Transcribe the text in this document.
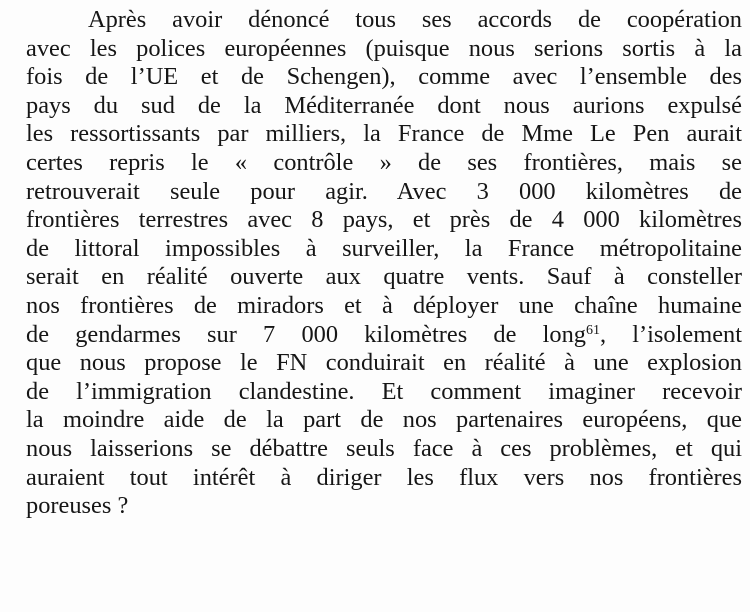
Après avoir dénoncé tous ses accords de coopération
avec les polices européennes (puisque nous serions sortis à la
fois de l’UE et de Schengen), comme avec l’ensemble des
pays du sud de la Méditerranée dont nous aurions expulsé
les ressortissants par milliers, la France de Mme Le Pen aurait
certes repris le « contrôle » de ses frontières, mais se
retrouverait seule pour agir. Avec 3 000 kilomètres de
frontières terrestres avec 8 pays, et près de 4 000 kilomètres
de littoral impossibles à surveiller, la France métropolitaine
serait en réalité ouverte aux quatre vents. Sauf à consteller
nos frontières de miradors et à déployer une chaîne humaine
de gendarmes sur 7 000 kilomètres de long$^{61}$, l’isolement
que nous propose le FN conduirait en réalité à une explosion
de l’immigration clandestine. Et comment imaginer recevoir
la moindre aide de la part de nos partenaires européens, que
nous laisserions se débattre seuls face à ces problèmes, et qui
auraient tout intérêt à diriger les flux vers nos frontières
poreuses ?
